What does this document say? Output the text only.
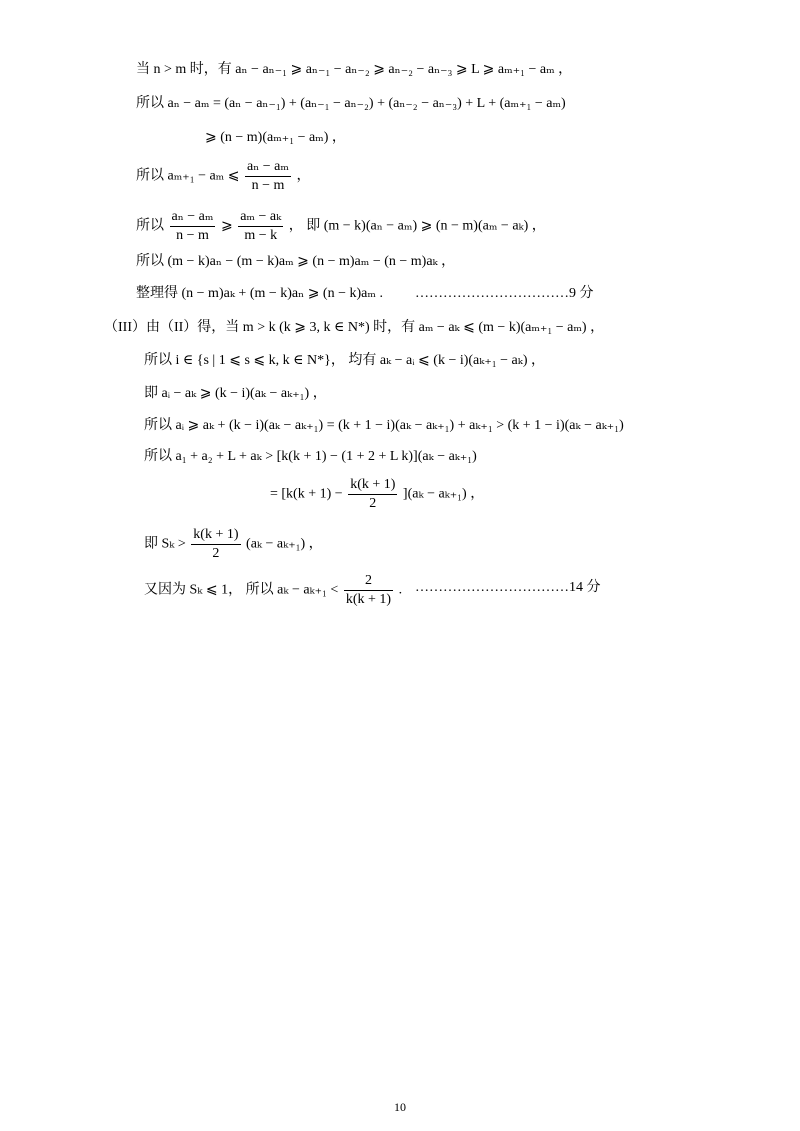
当 n > m 时，有 aₙ − aₙ₋₁ ⩾ aₙ₋₁ − aₙ₋₂ ⩾ aₙ₋₂ − aₙ₋₃ ⩾ L ⩾ aₘ₊₁ − aₘ ，
所以 aₙ − aₘ = (aₙ − aₙ₋₁) + (aₙ₋₁ − aₙ₋₂) + (aₙ₋₂ − aₙ₋₃) + L + (aₘ₊₁ − aₘ)
⩾ (n − m)(aₘ₊₁ − aₘ) ，
所以 aₘ₊₁ − aₘ ⩽ $\frac{\text{aₙ − aₘ}}{n - m}$ ，
所以 $\frac{\text{aₙ − aₘ}}{n - m}$ ⩾ $\frac{\text{aₘ − aₖ}}{m - k}$ ， 即 (m − k)(aₙ − aₘ) ⩾ (n − m)(aₘ − aₖ) ，
所以 (m − k)aₙ − (m − k)aₘ ⩾ (n − m)aₘ − (n − m)aₖ ，
整理得 (n − m)aₖ + (m − k)aₙ ⩾ (n − k)aₘ . ……………………………9 分
（III）由（II）得，当 m > k (k ⩾ 3, k ∈ N*) 时，有 aₘ − aₖ ⩽ (m − k)(aₘ₊₁ − aₘ) ，
所以 i ∈ {s | 1 ⩽ s ⩽ k, k ∈ N*}， 均有 aₖ − aᵢ ⩽ (k − i)(aₖ₊₁ − aₖ) ，
即 aᵢ − aₖ ⩾ (k − i)(aₖ − aₖ₊₁) ，
所以 aᵢ ⩾ aₖ + (k − i)(aₖ − aₖ₊₁) = (k + 1 − i)(aₖ − aₖ₊₁) + aₖ₊₁ > (k + 1 − i)(aₖ − aₖ₊₁)
所以 a₁ + a₂ + L + aₖ > [k(k + 1) − (1 + 2 + L k)](aₖ − aₖ₊₁)
= $[k(k + 1) - \frac{k(k + 1)}{2} ](a_k - a_{k+1})$ ，
即 $S_k > \frac{k(k + 1)}{2} (a_k - a_{k+1})$ ，
又因为 Sₖ ⩽ 1， 所以 $a_k - a_{k+1} < \frac{2}{k(k + 1)}$ . ……………………………14 分
10
